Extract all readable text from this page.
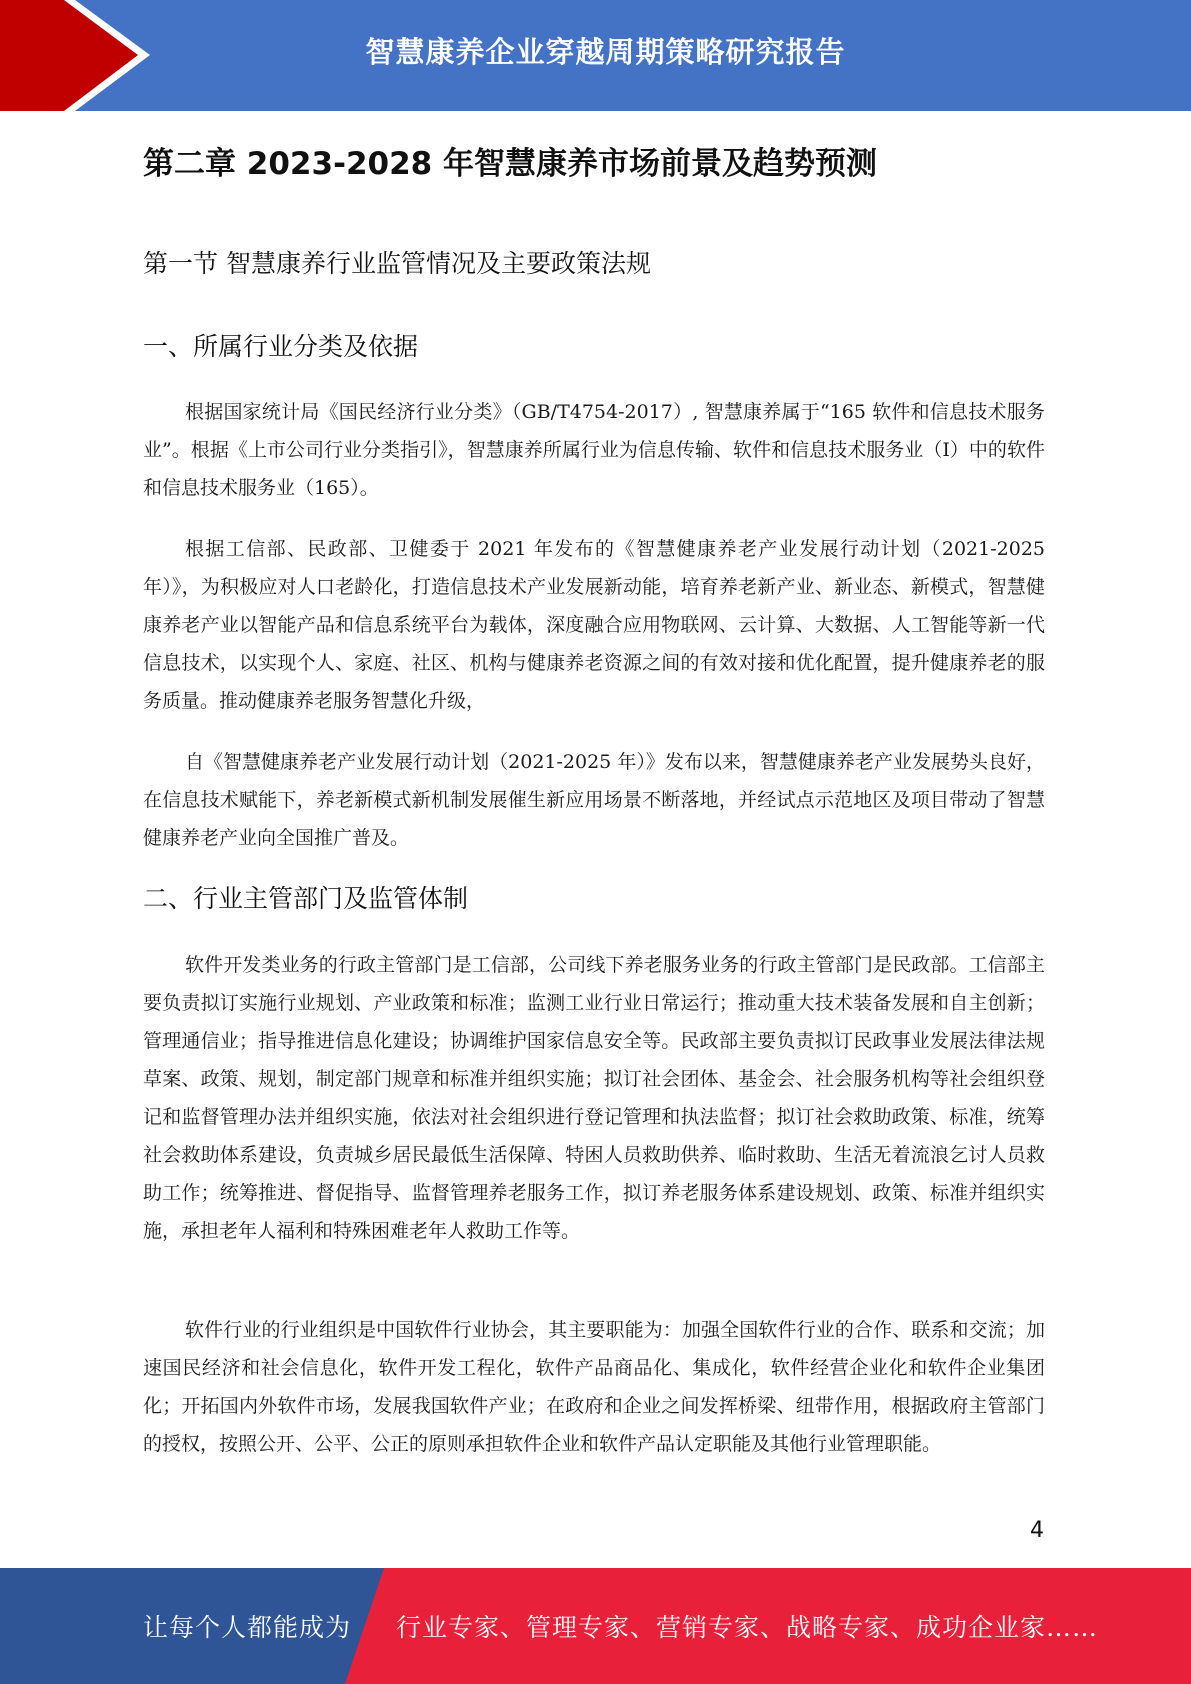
智慧康养企业穿越周期策略研究报告
第二章 2023-2028 年智慧康养市场前景及趋势预测
第一节 智慧康养行业监管情况及主要政策法规
一、所属行业分类及依据

根据国家统计局《国民经济行业分类》（GB/T4754-2017）, 智慧康养属于“165 软件和信息技术服务业”。根据《上市公司行业分类指引》，智慧康养所属行业为信息传输、软件和信息技术服务业（I）中的软件和信息技术服务业（165）。

根据工信部、民政部、卫健委于 2021 年发布的《智慧健康养老产业发展行动计划（2021-2025 年）》，为积极应对人口老龄化，打造信息技术产业发展新动能，培育养老新产业、新业态、新模式，智慧健康养老产业以智能产品和信息系统平台为载体，深度融合应用物联网、云计算、大数据、人工智能等新一代信息技术，以实现个人、家庭、社区、机构与健康养老资源之间的有效对接和优化配置，提升健康养老的服务质量。推动健康养老服务智慧化升级，

自《智慧健康养老产业发展行动计划（2021-2025 年）》发布以来，智慧健康养老产业发展势头良好，在信息技术赋能下，养老新模式新机制发展催生新应用场景不断落地，并经试点示范地区及项目带动了智慧健康养老产业向全国推广普及。

二、行业主管部门及监管体制

软件开发类业务的行政主管部门是工信部，公司线下养老服务业务的行政主管部门是民政部。工信部主要负责拟订实施行业规划、产业政策和标准；监测工业行业日常运行；推动重大技术装备发展和自主创新；管理通信业；指导推进信息化建设；协调维护国家信息安全等。民政部主要负责拟订民政事业发展法律法规草案、政策、规划，制定部门规章和标准并组织实施；拟订社会团体、基金会、社会服务机构等社会组织登记和监督管理办法并组织实施，依法对社会组织进行登记管理和执法监督；拟订社会救助政策、标准，统筹社会救助体系建设，负责城乡居民最低生活保障、特困人员救助供养、临时救助、生活无着流浪乞讨人员救助工作；统筹推进、督促指导、监督管理养老服务工作，拟订养老服务体系建设规划、政策、标准并组织实施，承担老年人福利和特殊困难老年人救助工作等。

软件行业的行业组织是中国软件行业协会，其主要职能为：加强全国软件行业的合作、联系和交流；加速国民经济和社会信息化，软件开发工程化，软件产品商品化、集成化，软件经营企业化和软件企业集团化；开拓国内外软件市场，发展我国软件产业；在政府和企业之间发挥桥梁、纽带作用，根据政府主管部门的授权，按照公开、公平、公正的原则承担软件企业和软件产品认定职能及其他行业管理职能。

4
让每个人都能成为 行业专家、管理专家、营销专家、战略专家、成功企业家……
